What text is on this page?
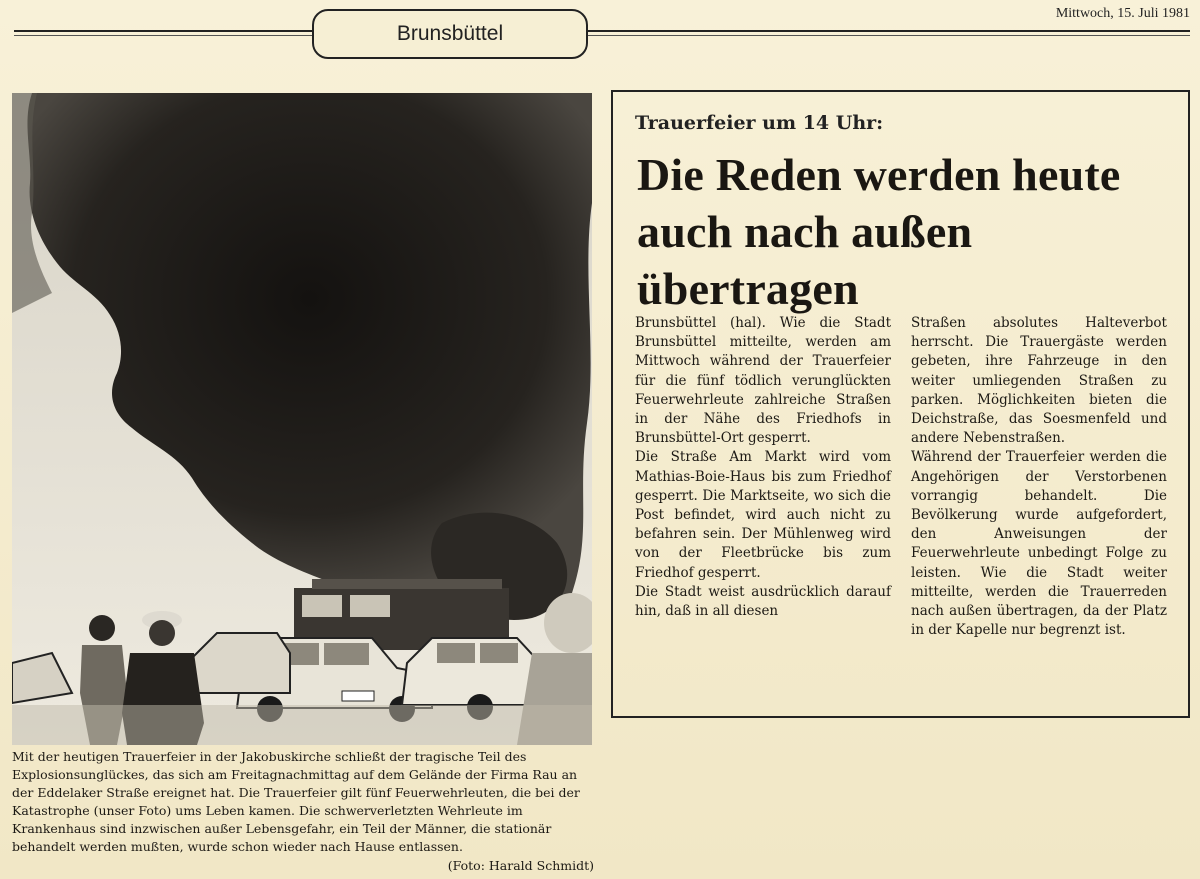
Mittwoch, 15. Juli 1981
Brunsbüttel

Mit der heutigen Trauerfeier in der Jakobuskirche schließt der tragische Teil des Explosionsunglückes, das sich am Freitagnachmittag auf dem Gelände der Firma Rau an der Eddelaker Straße ereignet hat. Die Trauerfeier gilt fünf Feuerwehrleuten, die bei der Katastrophe (unser Foto) ums Leben kamen. Die schwerverletzten Wehrleute im Krankenhaus sind inzwischen außer Lebensgefahr, ein Teil der Männer, die stationär behandelt werden mußten, wurde schon wieder nach Hause entlassen.
(Foto: Harald Schmidt)

Trauerfeier um 14 Uhr:

Die Reden werden heute auch nach außen übertragen

Brunsbüttel (hal). Wie die Stadt Brunsbüttel mitteilte, werden am Mittwoch während der Trauerfeier für die fünf tödlich verunglückten Feuerwehrleute zahlreiche Straßen in der Nähe des Friedhofs in Brunsbüttel-Ort gesperrt.

Die Straße Am Markt wird vom Mathias-Boie-Haus bis zum Friedhof gesperrt. Die Marktseite, wo sich die Post befindet, wird auch nicht zu befahren sein. Der Mühlenweg wird von der Fleetbrücke bis zum Friedhof gesperrt.

Die Stadt weist ausdrücklich darauf hin, daß in all diesen

Straßen absolutes Halteverbot herrscht. Die Trauergäste werden gebeten, ihre Fahrzeuge in den weiter umliegenden Straßen zu parken. Möglichkeiten bieten die Deichstraße, das Soesmenfeld und andere Nebenstraßen.

Während der Trauerfeier werden die Angehörigen der Verstorbenen vorrangig behandelt. Die Bevölkerung wurde aufgefordert, den Anweisungen der Feuerwehrleute unbedingt Folge zu leisten. Wie die Stadt weiter mitteilte, werden die Trauerreden nach außen übertragen, da der Platz in der Kapelle nur begrenzt ist.
